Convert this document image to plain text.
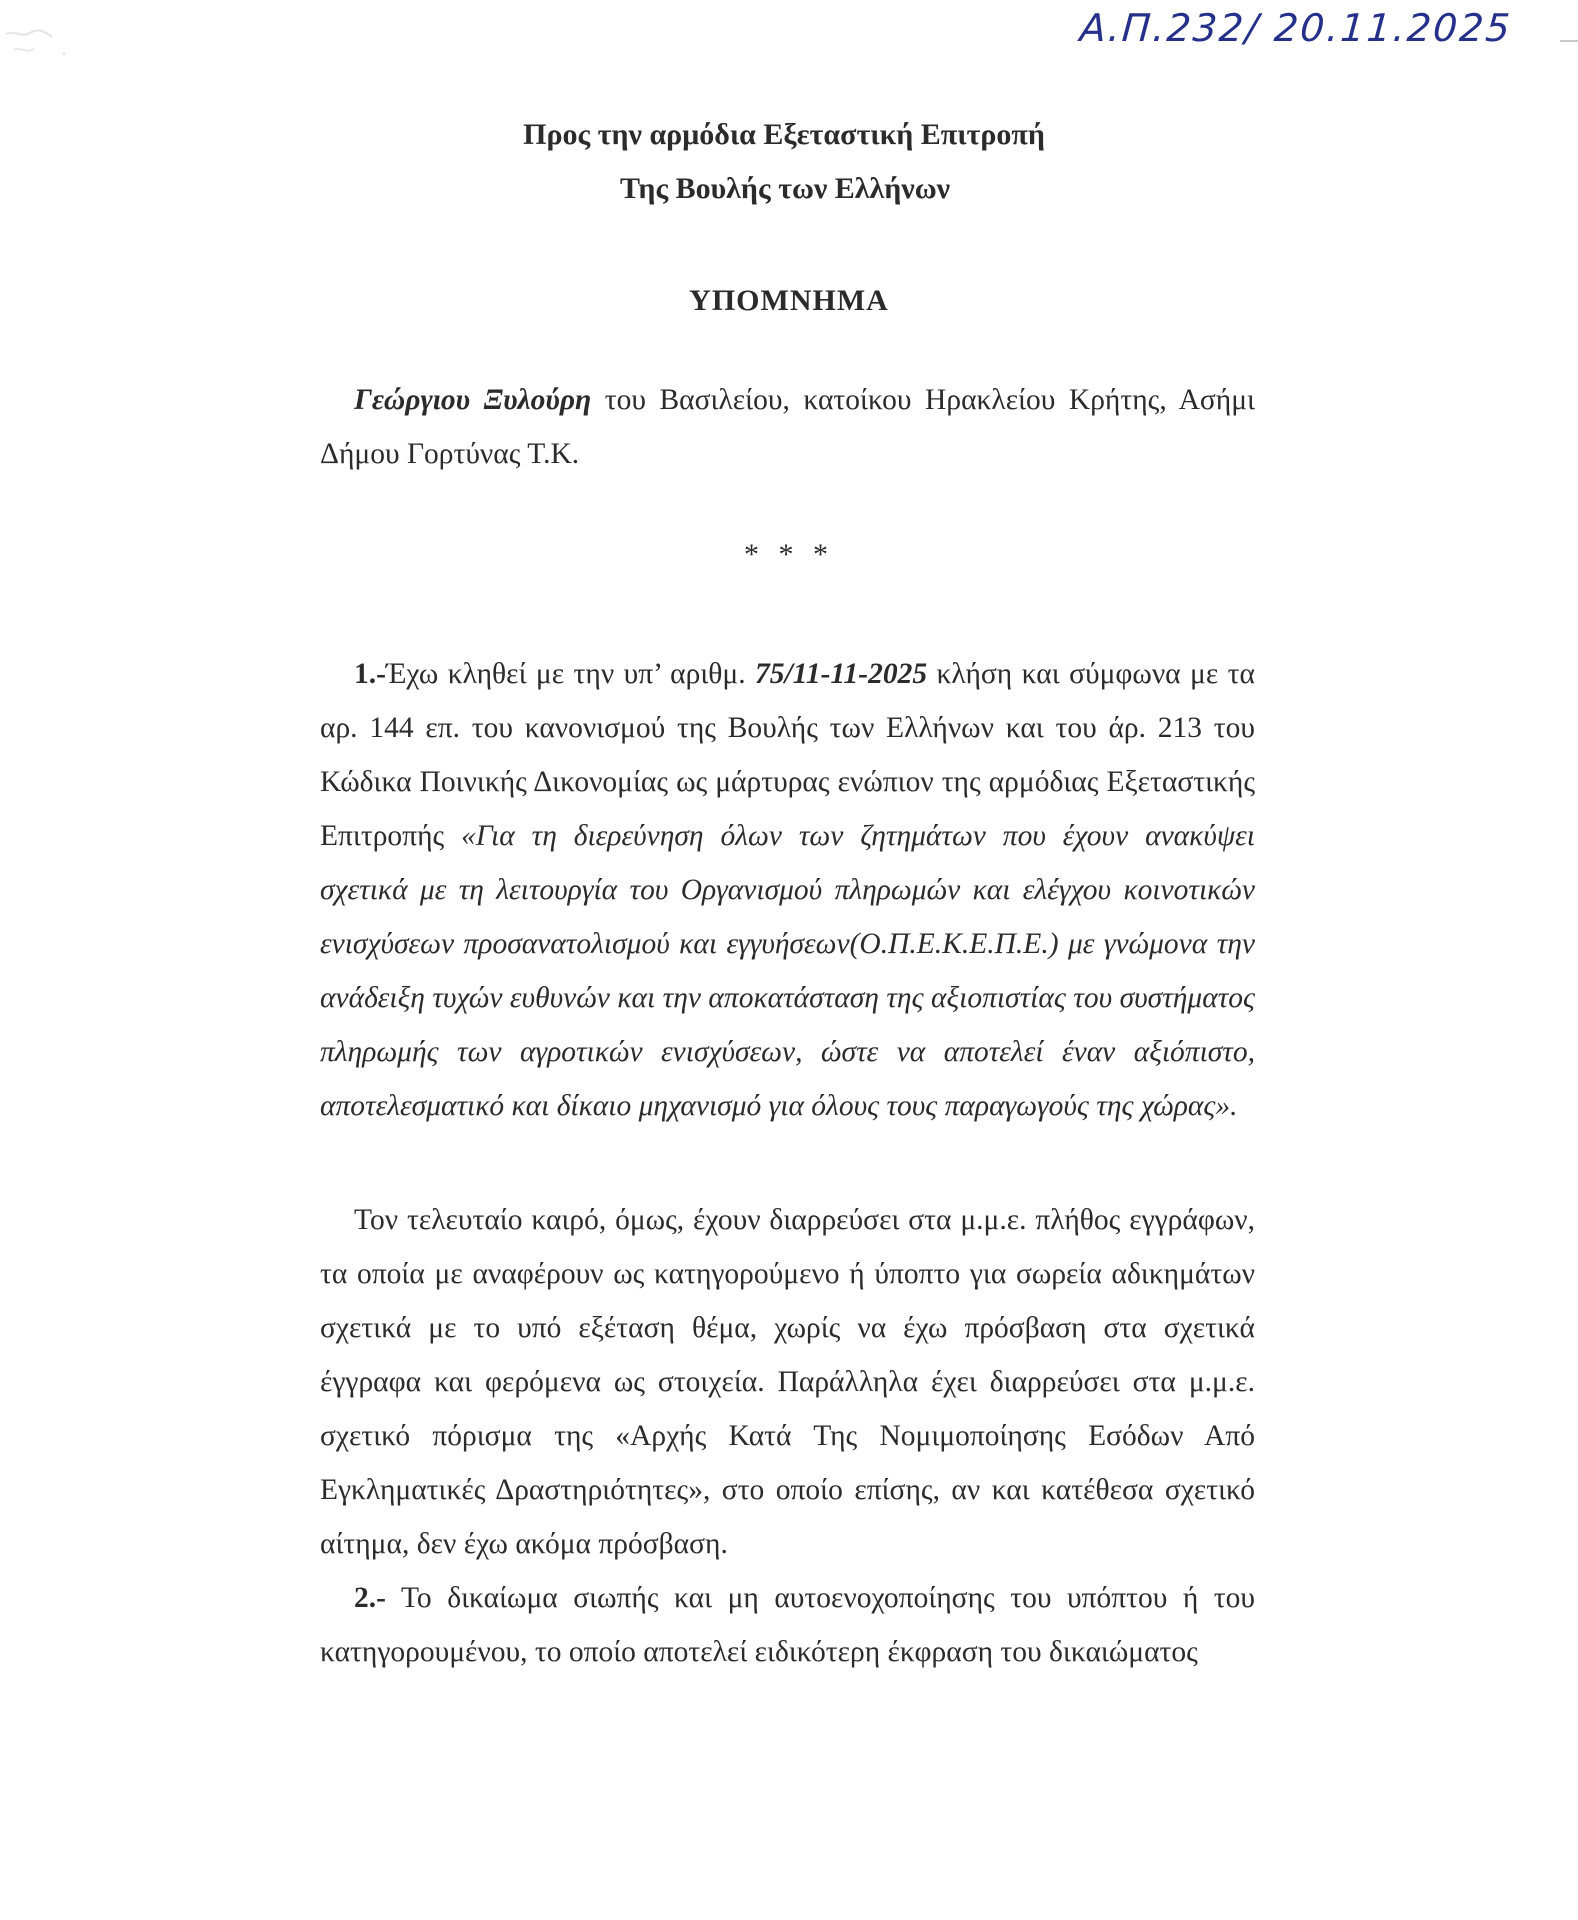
Α.Π.232/ 20.11.2025
Προς την αρμόδια Εξεταστική Επιτροπή
Της Βουλής των Ελλήνων
ΥΠΟΜΝΗΜΑ

Γεώργιου Ξυλούρη του Βασιλείου, κατοίκου Ηρακλείου Κρήτης, Ασήμι Δήμου Γορτύνας Τ.Κ.

* * *

1.-Έχω κληθεί με την υπ’ αριθμ. 75/11-11-2025 κλήση και σύμφωνα με τα αρ. 144 επ. του κανονισμού της Βουλής των Ελλήνων και του άρ. 213 του Κώδικα Ποινικής Δικονομίας ως μάρτυρας ενώπιον της αρμόδιας Εξεταστικής Επιτροπής «Για τη διερεύνηση όλων των ζητημάτων που έχουν ανακύψει σχετικά με τη λειτουργία του Οργανισμού πληρωμών και ελέγχου κοινοτικών ενισχύσεων προσανατολισμού και εγγυήσεων(Ο.Π.Ε.Κ.Ε.Π.Ε.) με γνώμονα την ανάδειξη τυχών ευθυνών και την αποκατάσταση της αξιοπιστίας του συστήματος πληρωμής των αγροτικών ενισχύσεων, ώστε να αποτελεί έναν αξιόπιστο, αποτελεσματικό και δίκαιο μηχανισμό για όλους τους παραγωγούς της χώρας».

Τον τελευταίο καιρό, όμως, έχουν διαρρεύσει στα μ.μ.ε. πλήθος εγγράφων, τα οποία με αναφέρουν ως κατηγορούμενο ή ύποπτο για σωρεία αδικημάτων σχετικά με το υπό εξέταση θέμα, χωρίς να έχω πρόσβαση στα σχετικά έγγραφα και φερόμενα ως στοιχεία. Παράλληλα έχει διαρρεύσει στα μ.μ.ε. σχετικό πόρισμα της «Αρχής Κατά Της Νομιμοποίησης Εσόδων Από Εγκληματικές Δραστηριότητες», στο οποίο επίσης, αν και κατέθεσα σχετικό αίτημα, δεν έχω ακόμα πρόσβαση.

2.- Το δικαίωμα σιωπής και μη αυτοενοχοποίησης του υπόπτου ή του κατηγορουμένου, το οποίο αποτελεί ειδικότερη έκφραση του δικαιώματος
